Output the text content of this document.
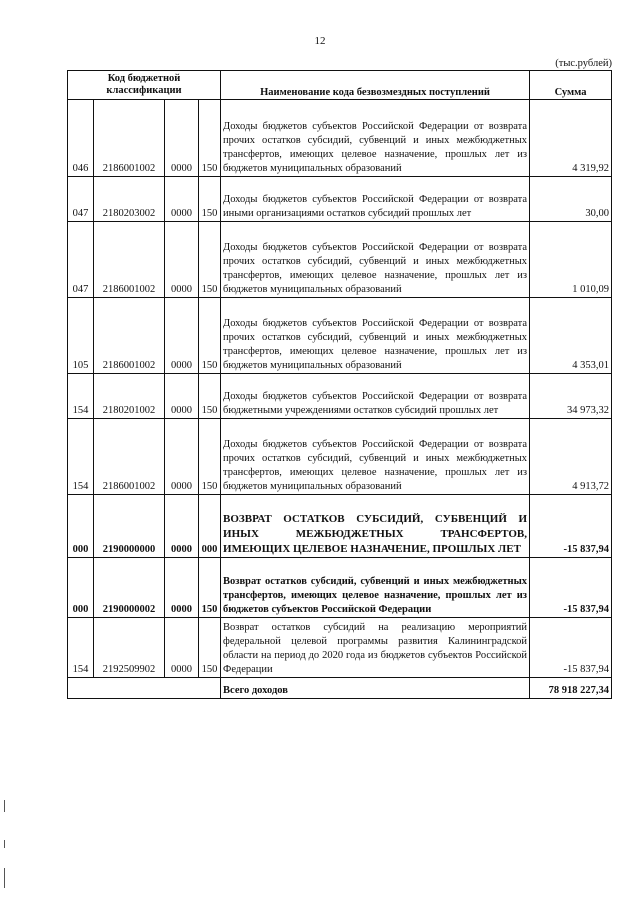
12
(тыс.рублей)
Код бюджетной классификации				Наименование кода безвозмездных поступлений	Сумма
046	2186001002	0000	150	Доходы бюджетов субъектов Российской Федерации от возврата прочих остатков субсидий, субвенций и иных межбюджетных трансфертов, имеющих целевое назначение, прошлых лет из бюджетов муниципальных образований	4 319,92
047	2180203002	0000	150	Доходы бюджетов субъектов Российской Федерации от возврата иными организациями остатков субсидий прошлых лет	30,00
047	2186001002	0000	150	Доходы бюджетов субъектов Российской Федерации от возврата прочих остатков субсидий, субвенций и иных межбюджетных трансфертов, имеющих целевое назначение, прошлых лет из бюджетов муниципальных образований	1 010,09
105	2186001002	0000	150	Доходы бюджетов субъектов Российской Федерации от возврата прочих остатков субсидий, субвенций и иных межбюджетных трансфертов, имеющих целевое назначение, прошлых лет из бюджетов муниципальных образований	4 353,01
154	2180201002	0000	150	Доходы бюджетов субъектов Российской Федерации от возврата бюджетными учреждениями остатков субсидий прошлых лет	34 973,32
154	2186001002	0000	150	Доходы бюджетов субъектов Российской Федерации от возврата прочих остатков субсидий, субвенций и иных межбюджетных трансфертов, имеющих целевое назначение, прошлых лет из бюджетов муниципальных образований	4 913,72
000	2190000000	0000	000	ВОЗВРАТ ОСТАТКОВ СУБСИДИЙ, СУБВЕНЦИЙ И ИНЫХ МЕЖБЮДЖЕТНЫХ ТРАНСФЕРТОВ, ИМЕЮЩИХ ЦЕЛЕВОЕ НАЗНАЧЕНИЕ, ПРОШЛЫХ ЛЕТ	-15 837,94
000	2190000002	0000	150	Возврат остатков субсидий, субвенций и иных межбюджетных трансфертов, имеющих целевое назначение, прошлых лет из бюджетов субъектов Российской Федерации	-15 837,94
154	2192509902	0000	150	Возврат остатков субсидий на реализацию мероприятий федеральной целевой программы развития Калининградской области на период до 2020 года из бюджетов субъектов Российской Федерации	-15 837,94
				Всего доходов	78 918 227,34
